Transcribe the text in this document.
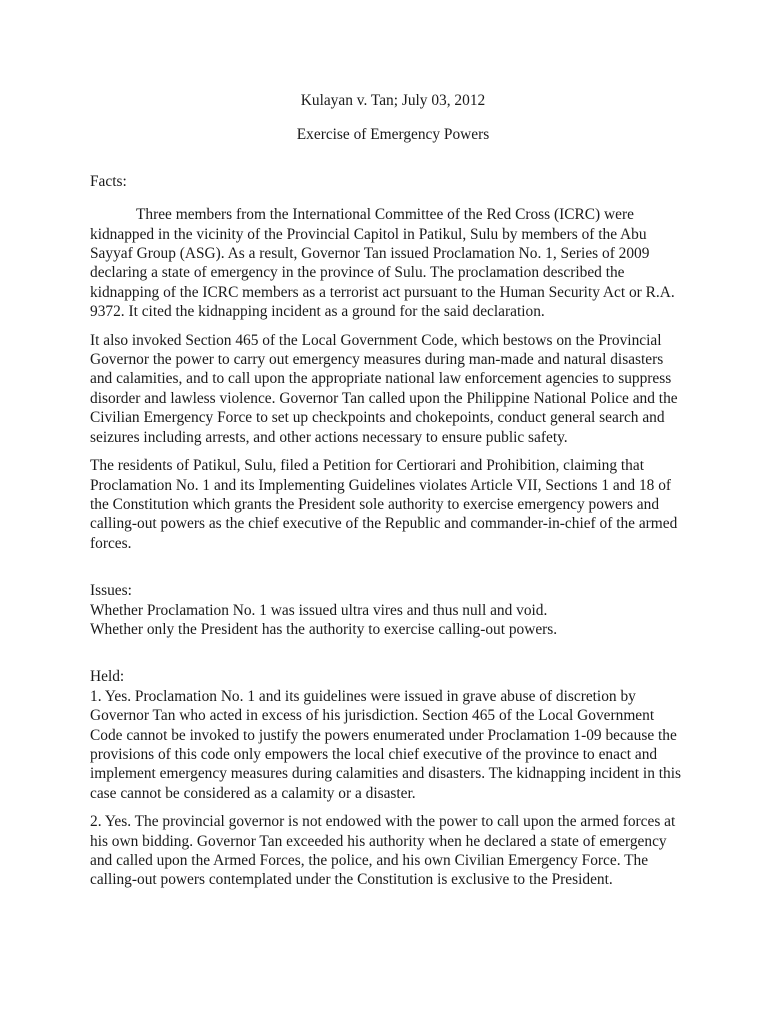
Kulayan v. Tan; July 03, 2012

Exercise of Emergency Powers

Facts:

Three members from the International Committee of the Red Cross (ICRC) were kidnapped in the vicinity of the Provincial Capitol in Patikul, Sulu by members of the Abu Sayyaf Group (ASG). As a result, Governor Tan issued Proclamation No. 1, Series of 2009 declaring a state of emergency in the province of Sulu. The proclamation described the kidnapping of the ICRC members as a terrorist act pursuant to the Human Security Act or R.A. 9372. It cited the kidnapping incident as a ground for the said declaration.

It also invoked Section 465 of the Local Government Code, which bestows on the Provincial Governor the power to carry out emergency measures during man-made and natural disasters and calamities, and to call upon the appropriate national law enforcement agencies to suppress disorder and lawless violence. Governor Tan called upon the Philippine National Police and the Civilian Emergency Force to set up checkpoints and chokepoints, conduct general search and seizures including arrests, and other actions necessary to ensure public safety.

The residents of Patikul, Sulu, filed a Petition for Certiorari and Prohibition, claiming that Proclamation No. 1 and its Implementing Guidelines violates Article VII, Sections 1 and 18 of the Constitution which grants the President sole authority to exercise emergency powers and calling-out powers as the chief executive of the Republic and commander-in-chief of the armed forces.

Issues:

Whether Proclamation No. 1 was issued ultra vires and thus null and void.

Whether only the President has the authority to exercise calling-out powers.

Held:

1. Yes. Proclamation No. 1 and its guidelines were issued in grave abuse of discretion by Governor Tan who acted in excess of his jurisdiction. Section 465 of the Local Government Code cannot be invoked to justify the powers enumerated under Proclamation 1-09 because the provisions of this code only empowers the local chief executive of the province to enact and implement emergency measures during calamities and disasters. The kidnapping incident in this case cannot be considered as a calamity or a disaster.

2. Yes. The provincial governor is not endowed with the power to call upon the armed forces at his own bidding. Governor Tan exceeded his authority when he declared a state of emergency and called upon the Armed Forces, the police, and his own Civilian Emergency Force. The calling-out powers contemplated under the Constitution is exclusive to the President.
